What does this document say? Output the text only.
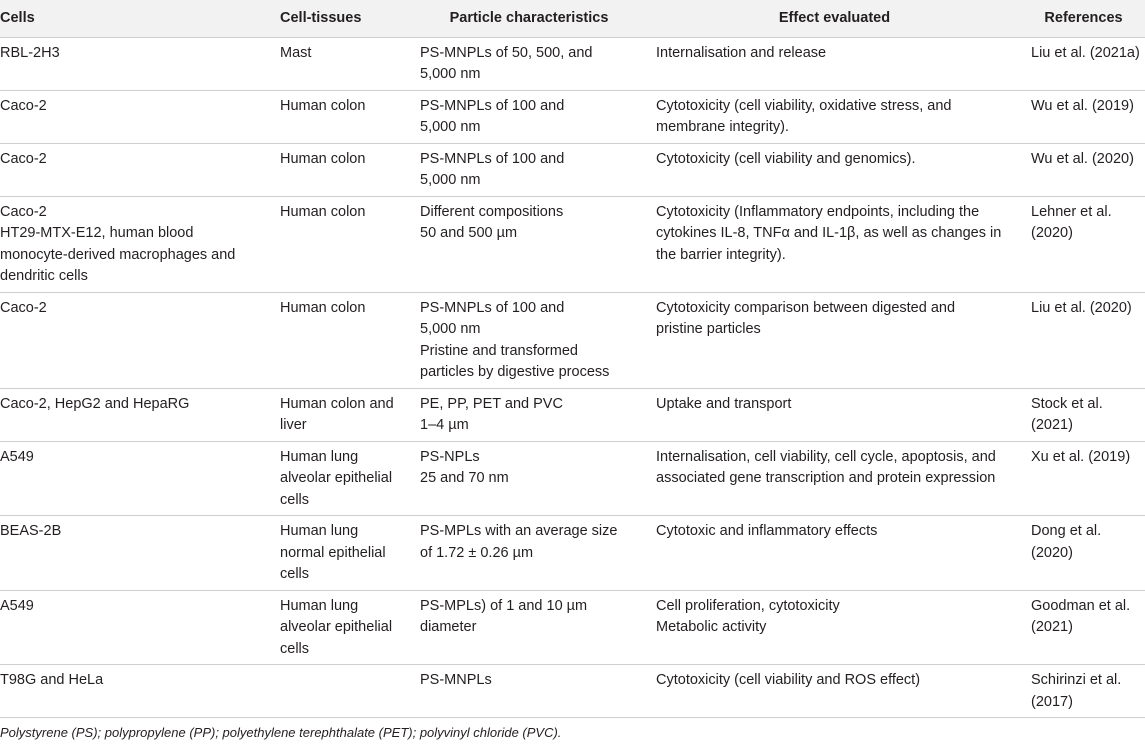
Cells	Cell-tissues	Particle characteristics	Effect evaluated	References

RBL-2H3	Mast	PS-MNPLs of 50, 500, and
5,000 nm	Internalisation and release	Liu et al. (2021a)

Caco-2	Human colon	PS-MNPLs of 100 and
5,000 nm	Cytotoxicity (cell viability, oxidative stress, and
membrane integrity).	Wu et al. (2019)

Caco-2	Human colon	PS-MNPLs of 100 and
5,000 nm	Cytotoxicity (cell viability and genomics).	Wu et al. (2020)

Caco-2
HT29-MTX-E12, human blood
monocyte-derived macrophages and
dendritic cells	Human colon	Different compositions
50 and 500 µm	Cytotoxicity (Inflammatory endpoints, including the
cytokines IL-8, TNFα and IL-1β, as well as changes in
the barrier integrity).	Lehner et al.
(2020)

Caco-2	Human colon	PS-MNPLs of 100 and
5,000 nm
Pristine and transformed
particles by digestive process	Cytotoxicity comparison between digested and
pristine particles	Liu et al. (2020)

Caco-2, HepG2 and HepaRG	Human colon and
liver	PE, PP, PET and PVC
1–4 µm	Uptake and transport	Stock et al.
(2021)

A549	Human lung
alveolar epithelial
cells	PS-NPLs
25 and 70 nm	Internalisation, cell viability, cell cycle, apoptosis, and
associated gene transcription and protein expression	Xu et al. (2019)

BEAS-2B	Human lung
normal epithelial
cells	PS-MPLs with an average size
of 1.72 ± 0.26 µm	Cytotoxic and inflammatory effects	Dong et al.
(2020)

A549	Human lung
alveolar epithelial
cells	PS-MPLs) of 1 and 10 µm
diameter	Cell proliferation, cytotoxicity
Metabolic activity	Goodman et al.
(2021)

T98G and HeLa		PS-MNPLs	Cytotoxicity (cell viability and ROS effect)	Schirinzi et al.
(2017)
Polystyrene (PS); polypropylene (PP); polyethylene terephthalate (PET); polyvinyl chloride (PVC).
